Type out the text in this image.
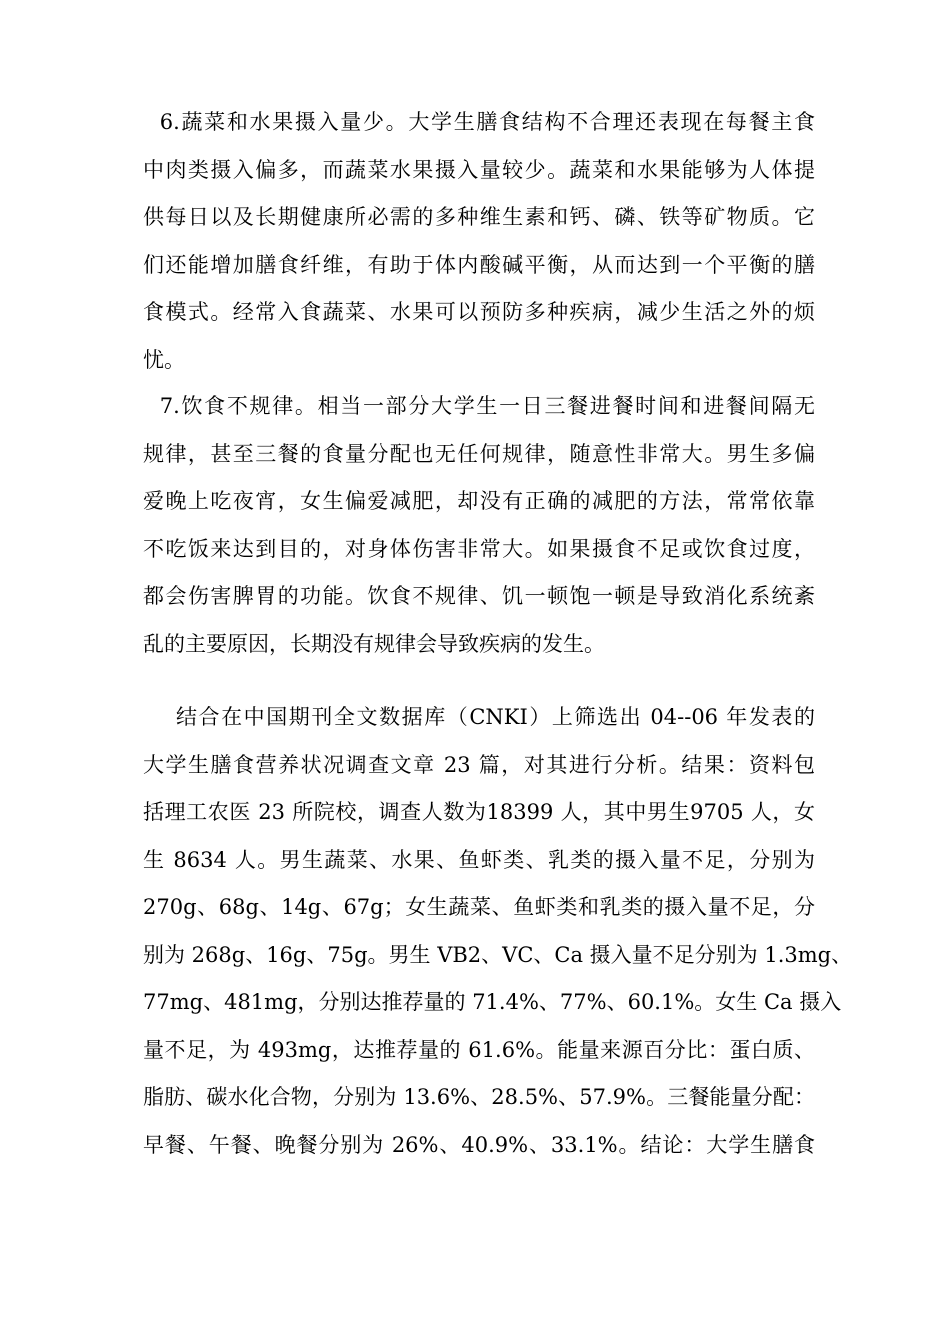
6.蔬菜和水果摄入量少。大学生膳食结构不合理还表现在每餐主食
中肉类摄入偏多，而蔬菜水果摄入量较少。蔬菜和水果能够为人体提
供每日以及长期健康所必需的多种维生素和钙、磷、铁等矿物质。它
们还能增加膳食纤维，有助于体内酸碱平衡，从而达到一个平衡的膳
食模式。经常入食蔬菜、水果可以预防多种疾病，减少生活之外的烦
忧。
7.饮食不规律。相当一部分大学生一日三餐进餐时间和进餐间隔无
规律，甚至三餐的食量分配也无任何规律，随意性非常大。男生多偏
爱晚上吃夜宵，女生偏爱减肥，却没有正确的减肥的方法，常常依靠
不吃饭来达到目的，对身体伤害非常大。如果摄食不足或饮食过度，
都会伤害脾胃的功能。饮食不规律、饥一顿饱一顿是导致消化系统紊
乱的主要原因，长期没有规律会导致疾病的发生。
结合在中国期刊全文数据库（CNKI）上筛选出 04--06 年发表的
大学生膳食营养状况调查文章 23 篇，对其进行分析。结果：资料包
括理工农医 23 所院校，调查人数为18399 人，其中男生9705 人，女
生 8634 人。男生蔬菜、水果、鱼虾类、乳类的摄入量不足，分别为
270g、68g、14g、67g；女生蔬菜、鱼虾类和乳类的摄入量不足，分
别为 268g、16g、75g。男生 VB2、VC、Ca 摄入量不足分别为 1.3mg、
77mg、481mg，分别达推荐量的 71.4%、77%、60.1%。女生 Ca 摄入
量不足，为 493mg，达推荐量的 61.6%。能量来源百分比：蛋白质、
脂肪、碳水化合物，分别为 13.6%、28.5%、57.9%。三餐能量分配：
早餐、午餐、晚餐分别为 26%、40.9%、33.1%。结论：大学生膳食
